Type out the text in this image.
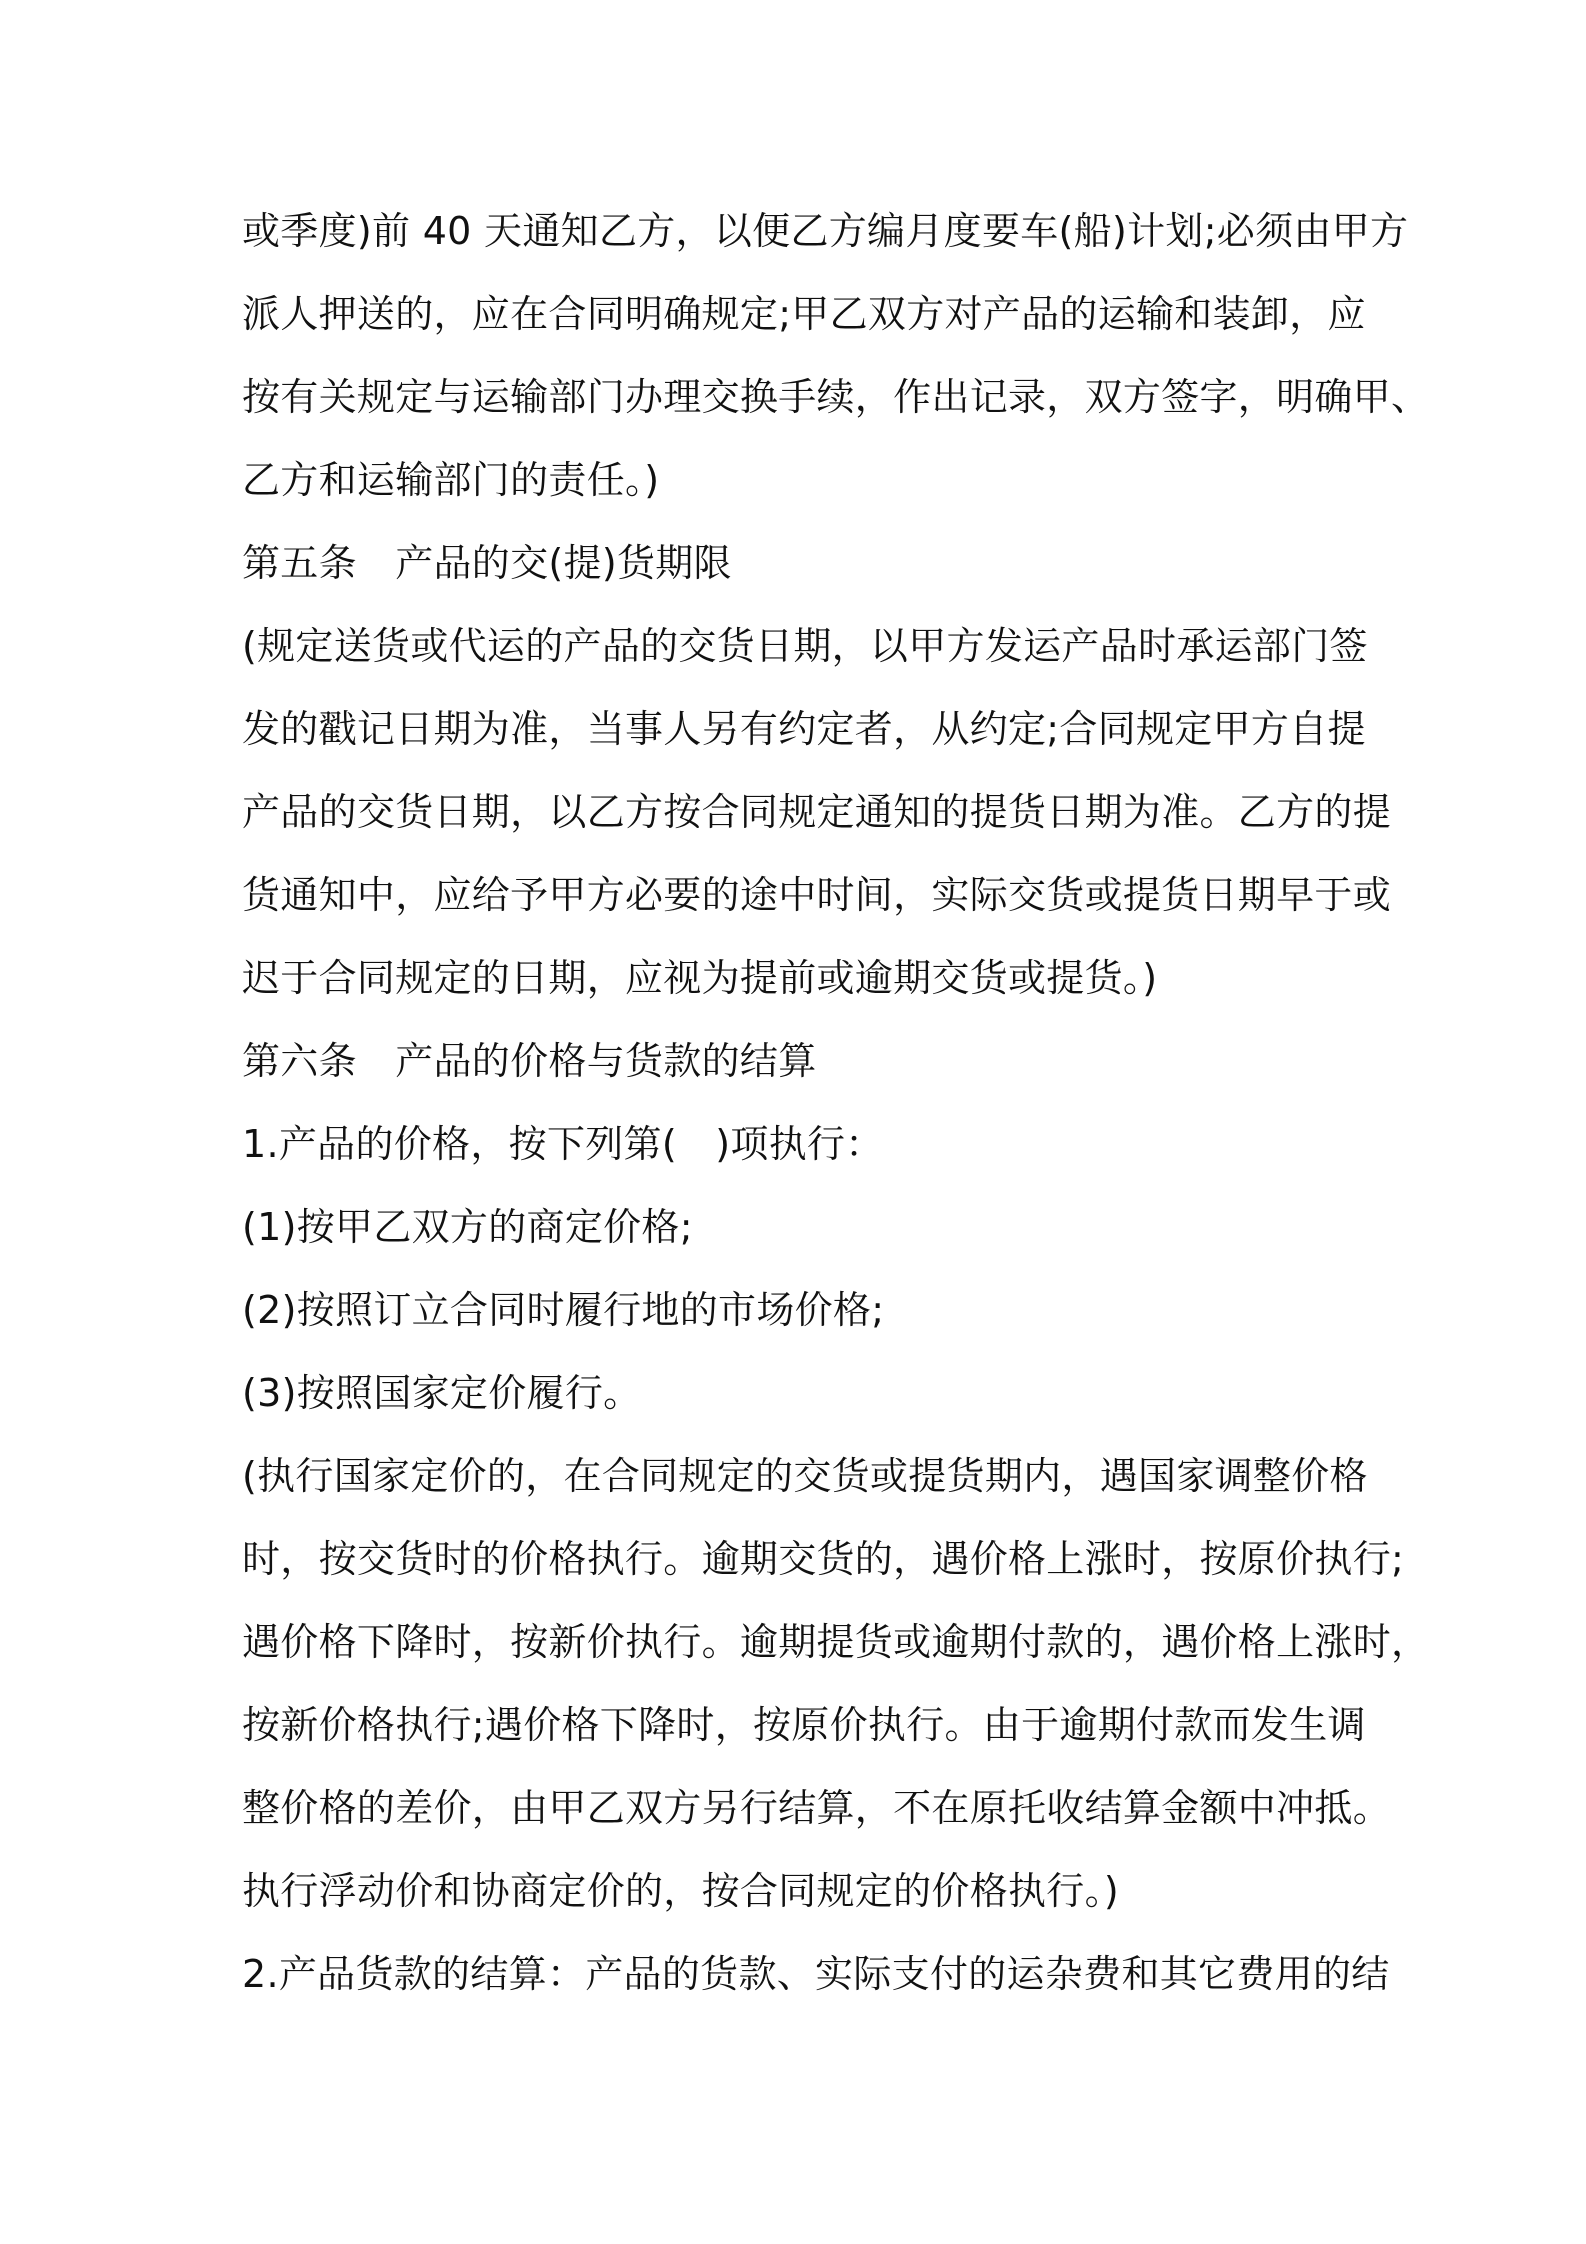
或季度)前 40 天通知乙方，以便乙方编月度要车(船)计划;必须由甲方
派人押送的，应在合同明确规定;甲乙双方对产品的运输和装卸，应
按有关规定与运输部门办理交换手续，作出记录，双方签字，明确甲、
乙方和运输部门的责任。)
第五条　产品的交(提)货期限
(规定送货或代运的产品的交货日期，以甲方发运产品时承运部门签
发的戳记日期为准，当事人另有约定者，从约定;合同规定甲方自提
产品的交货日期，以乙方按合同规定通知的提货日期为准。乙方的提
货通知中，应给予甲方必要的途中时间，实际交货或提货日期早于或
迟于合同规定的日期，应视为提前或逾期交货或提货。)
第六条　产品的价格与货款的结算
1.产品的价格，按下列第(　)项执行：
(1)按甲乙双方的商定价格;
(2)按照订立合同时履行地的市场价格;
(3)按照国家定价履行。
(执行国家定价的，在合同规定的交货或提货期内，遇国家调整价格
时，按交货时的价格执行。逾期交货的，遇价格上涨时，按原价执行;
遇价格下降时，按新价执行。逾期提货或逾期付款的，遇价格上涨时，
按新价格执行;遇价格下降时，按原价执行。由于逾期付款而发生调
整价格的差价，由甲乙双方另行结算，不在原托收结算金额中冲抵。
执行浮动价和协商定价的，按合同规定的价格执行。)
2.产品货款的结算：产品的货款、实际支付的运杂费和其它费用的结
